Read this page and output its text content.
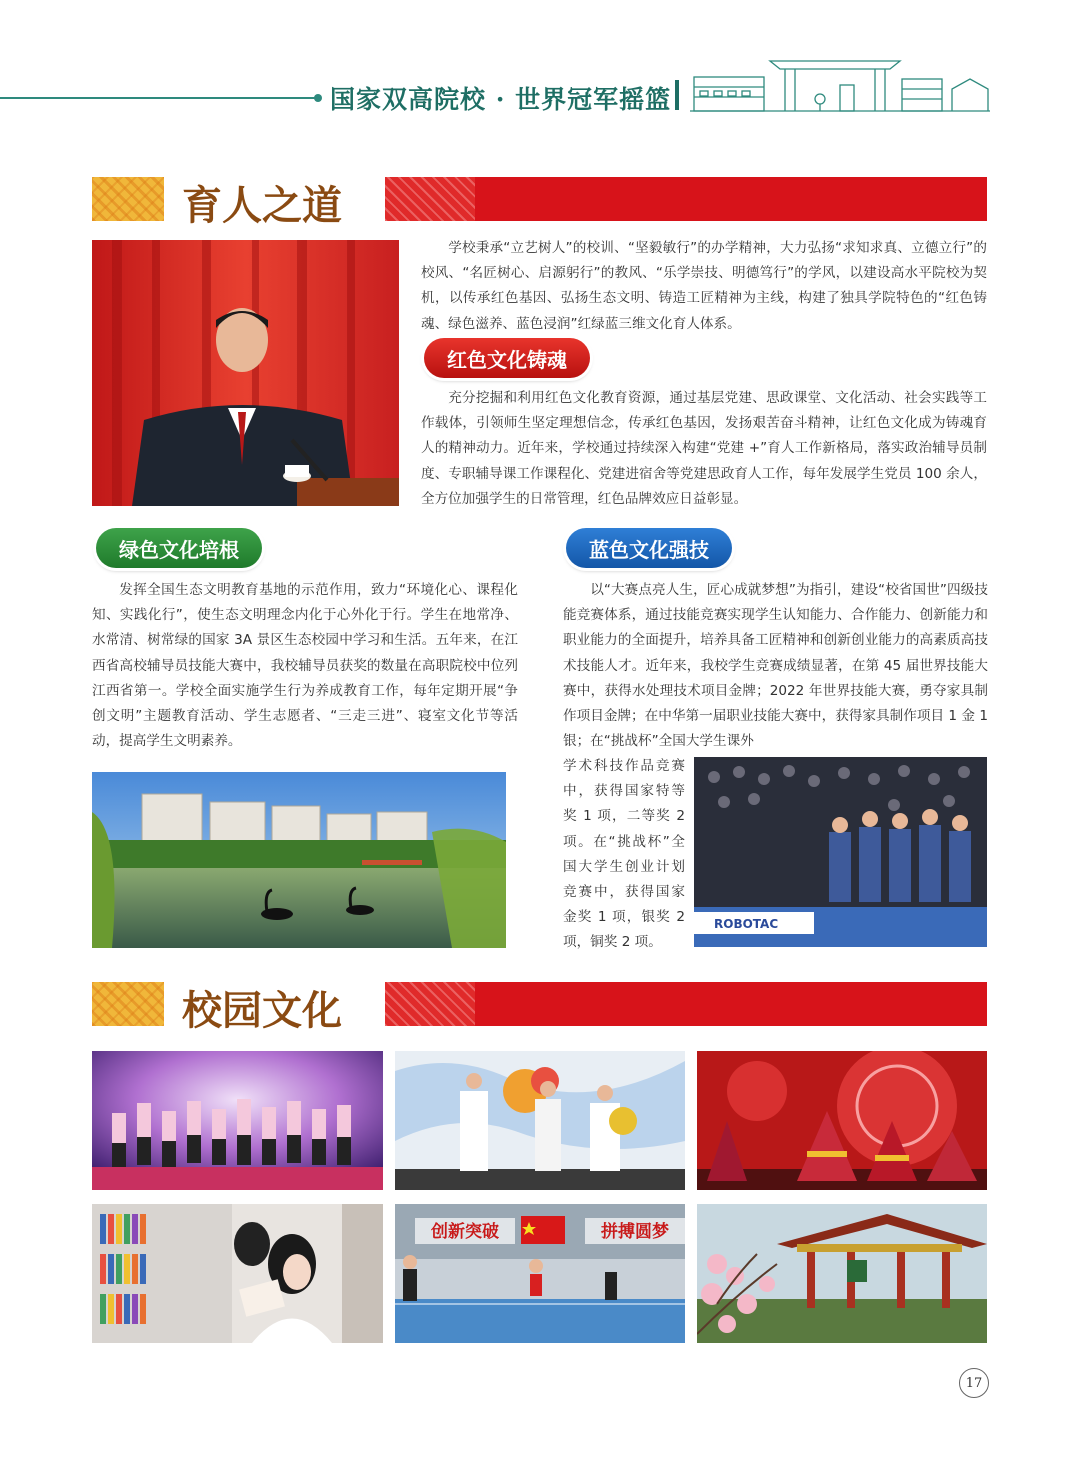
国家双高院校 · 世界冠军摇篮
育人之道

学校秉承“立艺树人”的校训、“坚毅敏行”的办学精神，大力弘扬“求知求真、立德立行”的校风、“名匠树心、启源躬行”的教风、“乐学崇技、明德笃行”的学风，以建设高水平院校为契机，以传承红色基因、弘扬生态文明、铸造工匠精神为主线，构建了独具学院特色的“红色铸魂、绿色滋养、蓝色浸润”红绿蓝三维文化育人体系。

红色文化铸魂

充分挖掘和利用红色文化教育资源，通过基层党建、思政课堂、文化活动、社会实践等工作载体，引领师生坚定理想信念，传承红色基因，发扬艰苦奋斗精神，让红色文化成为铸魂育人的精神动力。近年来，学校通过持续深入构建“党建 +”育人工作新格局，落实政治辅导员制度、专职辅导课工作课程化、党建进宿舍等党建思政育人工作，每年发展学生党员 100 余人，全方位加强学生的日常管理，红色品牌效应日益彰显。

绿色文化培根

发挥全国生态文明教育基地的示范作用，致力“环境化心、课程化知、实践化行”，使生态文明理念内化于心外化于行。学生在地常净、水常清、树常绿的国家 3A 景区生态校园中学习和生活。五年来，在江西省高校辅导员技能大赛中，我校辅导员获奖的数量在高职院校中位列江西省第一。学校全面实施学生行为养成教育工作，每年定期开展“争创文明”主题教育活动、学生志愿者、“三走三进”、寝室文化节等活动，提高学生文明素养。

蓝色文化强技

以“大赛点亮人生，匠心成就梦想”为指引，建设“校省国世”四级技能竞赛体系，通过技能竞赛实现学生认知能力、合作能力、创新能力和职业能力的全面提升，培养具备工匠精神和创新创业能力的高素质高技术技能人才。近年来，我校学生竞赛成绩显著，在第 45 届世界技能大赛中，获得水处理技术项目金牌；2022 年世界技能大赛，勇夺家具制作项目金牌；在中华第一届职业技能大赛中，获得家具制作项目 1 金 1 银；在“挑战杯”全国大学生课外

学术科技作品竞赛中，获得国家特等奖 1 项，二等奖 2 项。在“挑战杯”全国大学生创业计划竞赛中，获得国家金奖 1 项，银奖 2 项，铜奖 2 项。

ROBOTAC
校园文化
创新突破	拼搏圆梦
17
